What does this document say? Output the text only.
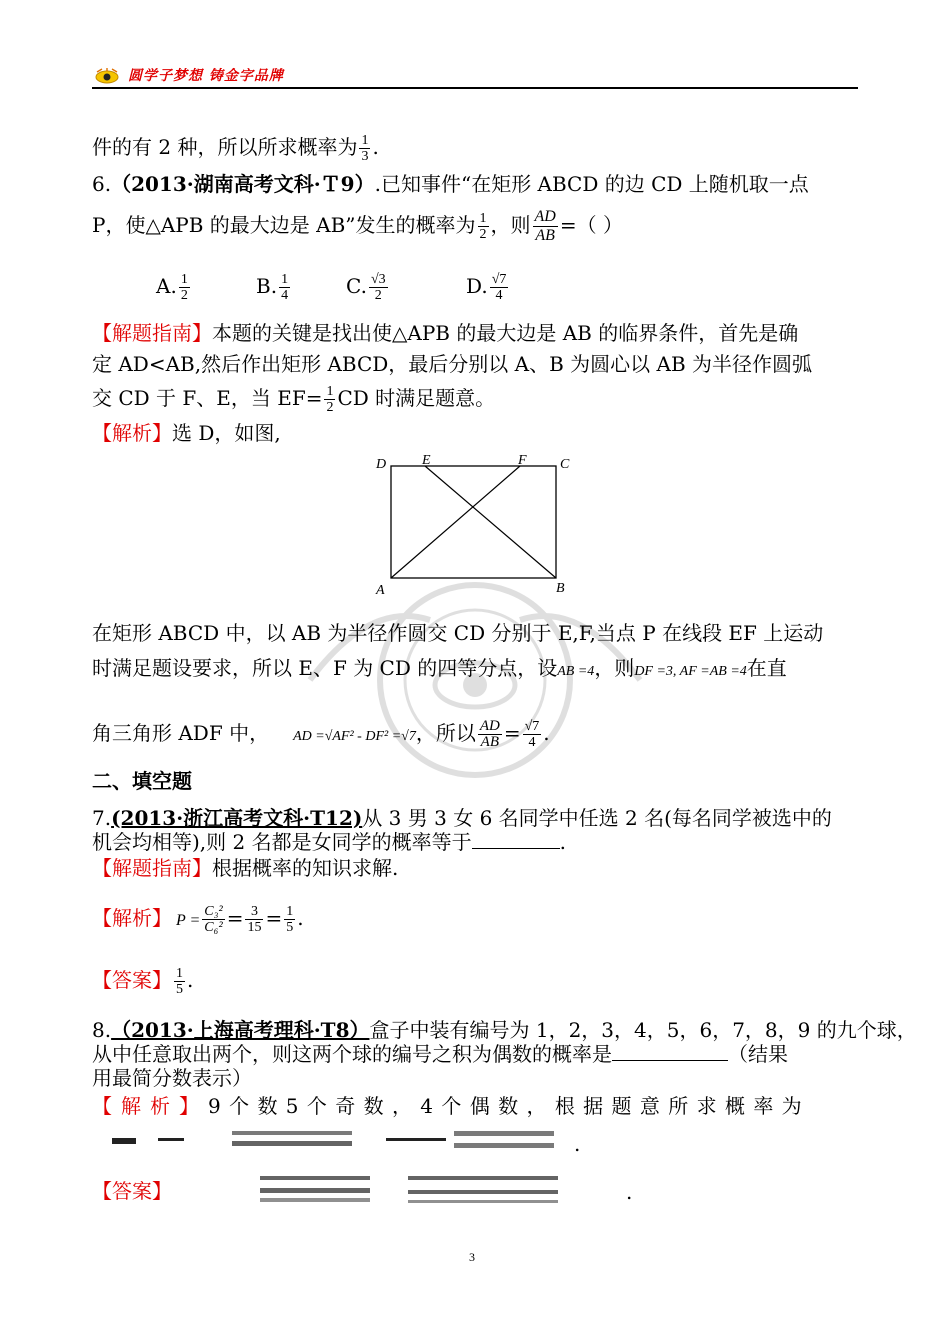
圆学子梦想 铸金字品牌
件的有 2 种，所以所求概率为 $\frac{1}{3}$ .
6.（2013·湖南高考文科·Ｔ9）.已知事件“在矩形 ABCD 的边 CD 上随机取一点
P，使△APB 的最大边是 AB”发生的概率为 $\frac{1}{2}$ ，则 $\frac{AD}{AB}$ =（ ）
A. $\frac{1}{2}$	B. $\frac{1}{4}$	C. $\frac{√3}{2}$	D. $\frac{√7}{4}$
【解题指南】本题的关键是找出使△APB 的最大边是 AB 的临界条件，首先是确
定 AD<AB,然后作出矩形 ABCD，最后分别以 A、B 为圆心以 AB 为半径作圆弧
交 CD 于 F、E，当 $EF= \frac{1}{2}$ CD 时满足题意。
【解析】选 D，如图,
D	E	F C
A	B
在矩形 ABCD 中，以 AB 为半径作圆交 CD 分别于 E,F,当点 P 在线段 EF 上运动
时满足题设要求，所以 E、F 为 CD 的四等分点，设AB =4，则DF =3, AF =AB =4在直
角三角形 ADF 中， AD =√AF² - DF² =√7，所以 $\frac{AD}{AB} = \frac{√7}{4}$ .
二、填空题
7.(2013·浙江高考文科·T12)从 3 男 3 女 6 名同学中任选 2 名(每名同学被选中的
机会均相等),则 2 名都是女同学的概率等于	.
【解题指南】根据概率的知识求解.
【解析】 $P = \frac{\text{C₃²}}{\text{C₆²}} = \frac{3}{15} = \frac{1}{5}$ .
【答案】 $\frac{1}{5}$ .
8.（2013·上海高考理科·T8）盒子中装有编号为 1，2，3，4，5，6，7，8，9 的九个球，
从中任意取出两个，则这两个球的编号之积为偶数的概率是	（结果
用最简分数表示）
【解析】9 个 数 5 个 奇 数 ， 4 个 偶 数 ， 根 据 题 意 所 求 概 率 为
.
【答案】	.
3
